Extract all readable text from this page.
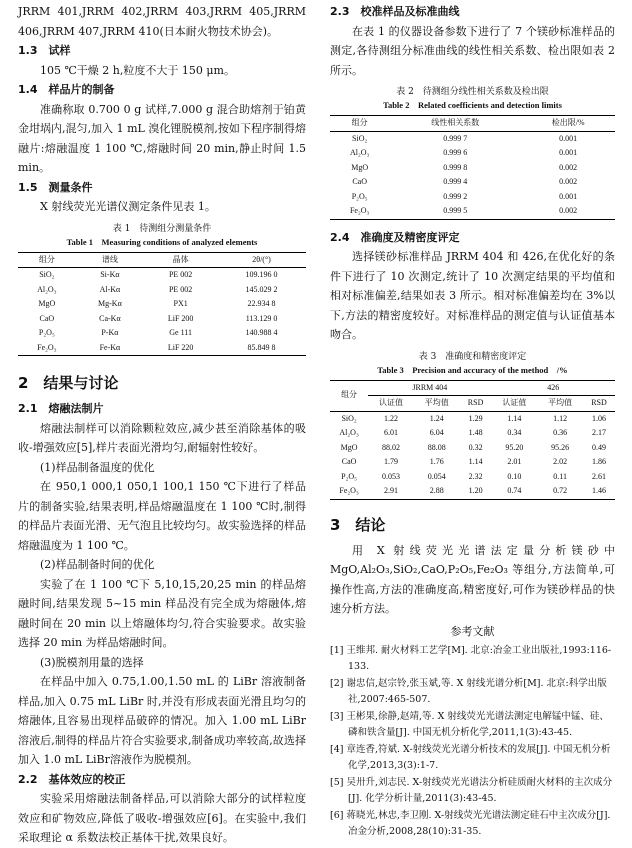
JRRM 401,JRRM 402,JRRM 403,JRRM 405,JRRM 406,JRRM 407,JRRM 410(日本耐火物技术协会)。

1.3　试样

105 ℃干燥 2 h,粒度不大于 150 μm。

1.4　样品片的制备

准确称取 0.700 0 g 试样,7.000 g 混合助熔剂于铂黄金坩埚内,混匀,加入 1 mL 溴化锂脱模剂,按如下程序制得熔融片:熔融温度 1 100 ℃,熔融时间 20 min,静止时间 1.5 min。

1.5　测量条件

X 射线荧光光谱仪测定条件见表 1。

表 1　待测组分测量条件

Table 1　Measuring conditions of analyzed elements

组分	谱线	晶体	2θ/(°)
SiO₂	Si-Kα	PE 002	109.196 0
Al₂O₃	Al-Kα	PE 002	145.029 2
MgO	Mg-Kα	PX1	22.934 8
CaO	Ca-Kα	LiF 200	113.129 0
P₂O₅	P-Kα	Ge 111	140.988 4
Fe₂O₃	Fe-Kα	LiF 220	85.849 8

2　结果与讨论

2.1　熔融法制片

熔融法制样可以消除颗粒效应,减少甚至消除基体的吸收-增强效应[5],样片表面光滑均匀,耐辐射性较好。

(1)样品制备温度的优化

在 950,1 000,1 050,1 100,1 150 ℃下进行了样品片的制备实验,结果表明,样品熔融温度在 1 100 ℃时,制得的样品片表面光滑、无气泡且比较均匀。故实验选择的样品熔融温度为 1 100 ℃。

(2)样品制备时间的优化

实验了在 1 100 ℃下 5,10,15,20,25 min 的样品熔融时间,结果发现 5~15 min 样品没有完全成为熔融体,熔融时间在 20 min 以上熔融体均匀,符合实验要求。故实验选择 20 min 为样品熔融时间。

(3)脱模剂用量的选择

在样品中加入 0.75,1.00,1.50 mL 的 LiBr 溶液制备样品,加入 0.75 mL LiBr 时,并没有形成表面光滑且均匀的熔融体,且容易出现样品破碎的情况。加入 1.00 mL LiBr 溶液后,制得的样品片符合实验要求,制备成功率较高,故选择加入 1.0 mL LiBr溶液作为脱模剂。

2.2　基体效应的校正

实验采用熔融法制备样品,可以消除大部分的试样粒度效应和矿物效应,降低了吸收-增强效应[6]。在实验中,我们采取理论 α 系数法校正基体干扰,效果良好。

2.3　校准样品及标准曲线

在表 1 的仪器设备参数下进行了 7 个镁砂标准样品的测定,各待测组分标准曲线的线性相关系数、检出限如表 2 所示。

表 2　待测组分线性相关系数及检出限

Table 2　Related coefficients and detection limits

组分	线性相关系数	检出限/%
SiO₂	0.999 7	0.001
Al₂O₃	0.999 6	0.001
MgO	0.999 8	0.002
CaO	0.999 4	0.002
P₂O₅	0.999 2	0.001
Fe₂O₃	0.999 5	0.002

2.4　准确度及精密度评定

选择镁砂标准样品 JRRM 404 和 426,在优化好的条件下进行了 10 次测定,统计了 10 次测定结果的平均值和相对标准偏差,结果如表 3 所示。相对标准偏差均在 3%以下,方法的精密度较好。对标准样品的测定值与认证值基本吻合。

表 3　准确度和精密度评定

Table 3　Precision and accuracy of the method　/%

组分	JRRM 404			426		
	认证值	平均值	RSD	认证值	平均值	RSD
SiO₂	1.22	1.24	1.29	1.14	1.12	1.06
Al₂O₃	6.01	6.04	1.48	0.34	0.36	2.17
MgO	88.02	88.08	0.32	95.20	95.26	0.49
CaO	1.79	1.76	1.14	2.01	2.02	1.86
P₂O₅	0.053	0.054	2.32	0.10	0.11	2.61
Fe₂O₃	2.91	2.88	1.20	0.74	0.72	1.46

3　结论

用 X 射线荧光光谱法定量分析镁砂中 MgO,Al₂O₃,SiO₂,CaO,P₂O₅,Fe₂O₃ 等组分,方法简单,可操作性高,方法的准确度高,精密度好,可作为镁砂样品的快速分析方法。

参考文献

[1] 王维邦. 耐火材料工艺学[M]. 北京:冶金工业出版社,1993:116-133.

[2] 谢忠信,赵宗铃,张玉斌,等. X 射线光谱分析[M]. 北京:科学出版社,2007:465-507.

[3] 王彬果,徐静,赵靖,等. X 射线荧光光谱法测定电解锰中锰、硅、磷和铁含量[J]. 中国无机分析化学,2011,1(3):43-45.

[4] 章连香,符斌. X-射线荧光光谱分析技术的发展[J]. 中国无机分析化学,2013,3(3):1-7.

[5] 吴卅升,刘志民. X-射线荧光光谱法分析硅质耐火材料的主次成分[J]. 化学分析计量,2011(3):43-45.

[6] 蒋晓光,林忠,李卫刚. X-射线荧光光谱法测定硅石中主次成分[J]. 冶金分析,2008,28(10):31-35.
